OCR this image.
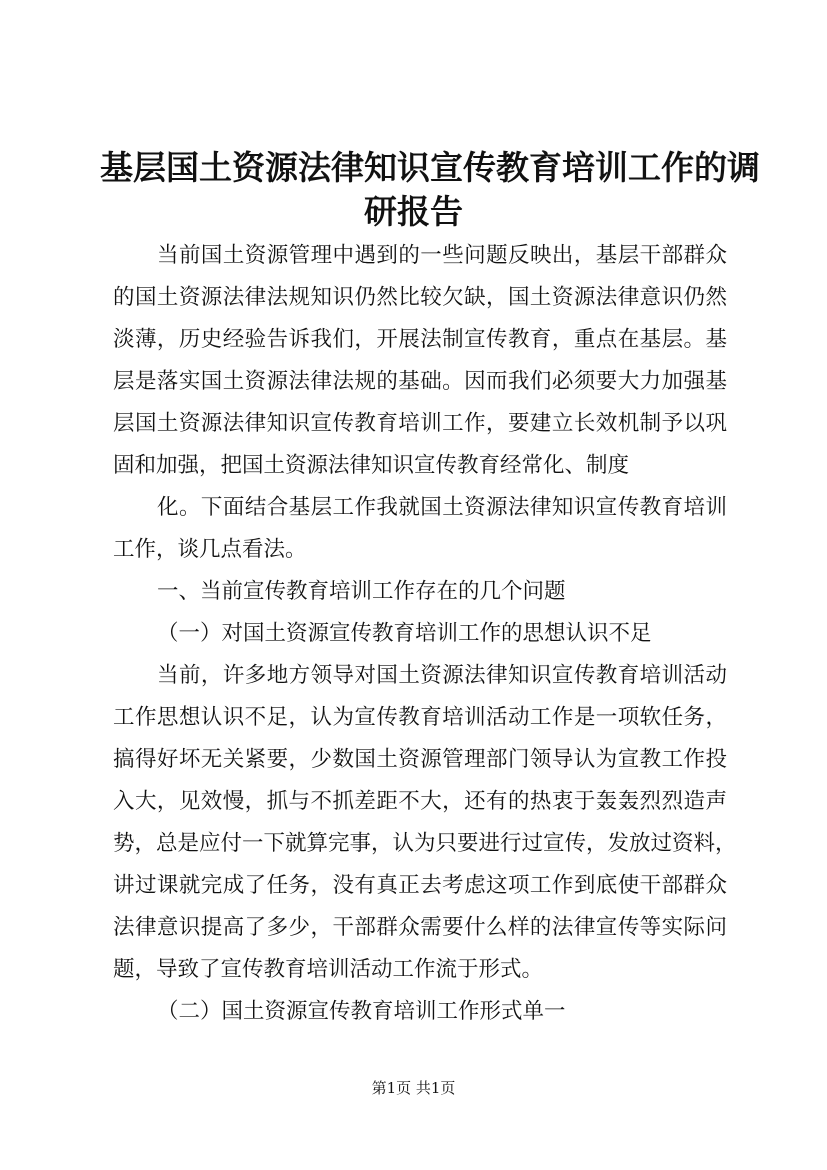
基层国土资源法律知识宣传教育培训工作的调
研报告
当前国土资源管理中遇到的一些问题反映出，基层干部群众
的国土资源法律法规知识仍然比较欠缺，国土资源法律意识仍然
淡薄，历史经验告诉我们，开展法制宣传教育，重点在基层。基
层是落实国土资源法律法规的基础。因而我们必须要大力加强基
层国土资源法律知识宣传教育培训工作，要建立长效机制予以巩
固和加强，把国土资源法律知识宣传教育经常化、制度
化。下面结合基层工作我就国土资源法律知识宣传教育培训
工作，谈几点看法。
一、当前宣传教育培训工作存在的几个问题
（一）对国土资源宣传教育培训工作的思想认识不足
当前，许多地方领导对国土资源法律知识宣传教育培训活动
工作思想认识不足，认为宣传教育培训活动工作是一项软任务，
搞得好坏无关紧要，少数国土资源管理部门领导认为宣教工作投
入大，见效慢，抓与不抓差距不大，还有的热衷于轰轰烈烈造声
势，总是应付一下就算完事，认为只要进行过宣传，发放过资料，
讲过课就完成了任务，没有真正去考虑这项工作到底使干部群众
法律意识提高了多少，干部群众需要什么样的法律宣传等实际问
题，导致了宣传教育培训活动工作流于形式。
（二）国土资源宣传教育培训工作形式单一
第1页 共1页
